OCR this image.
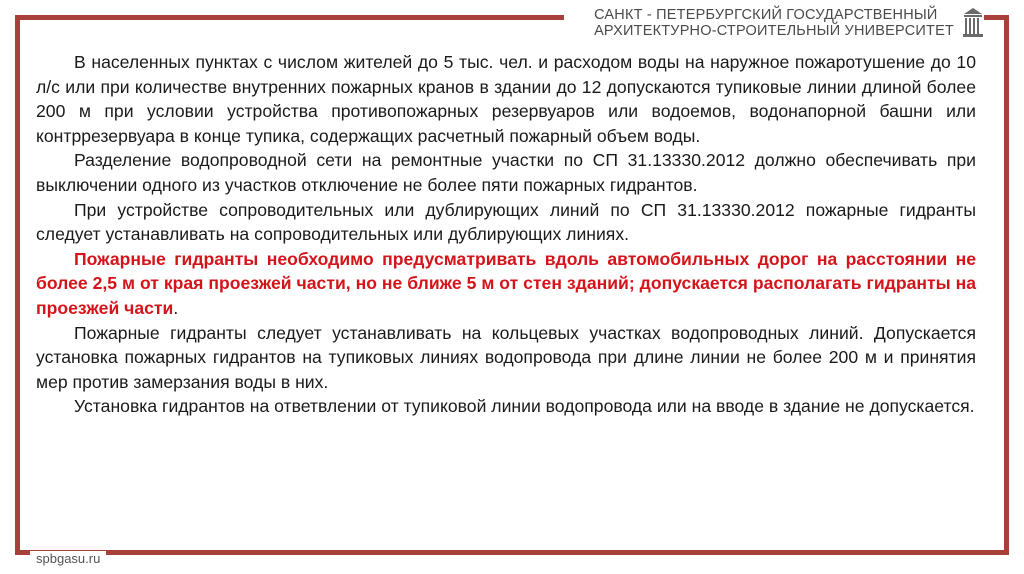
САНКТ - ПЕТЕРБУРГСКИЙ ГОСУДАРСТВЕННЫЙ
АРХИТЕКТУРНО-СТРОИТЕЛЬНЫЙ УНИВЕРСИТЕТ

В населенных пунктах с числом жителей до 5 тыс. чел. и расходом воды на наружное пожаротушение до 10 л/с или при количестве внутренних пожарных кранов в здании до 12 допускаются тупиковые линии длиной более 200 м при условии устройства противопожарных резервуаров или водоемов, водонапорной башни или контррезервуара в конце тупика, содержащих расчетный пожарный объем воды.

Разделение водопроводной сети на ремонтные участки по СП 31.13330.2012 должно обеспечивать при выключении одного из участков отключение не более пяти пожарных гидрантов.

При устройстве сопроводительных или дублирующих линий по СП 31.13330.2012 пожарные гидранты следует устанавливать на сопроводительных или дублирующих линиях.

Пожарные гидранты необходимо предусматривать вдоль автомобильных дорог на расстоянии не более 2,5 м от края проезжей части, но не ближе 5 м от стен зданий; допускается располагать гидранты на проезжей части.

Пожарные гидранты следует устанавливать на кольцевых участках водопроводных линий. Допускается установка пожарных гидрантов на тупиковых линиях водопровода при длине линии не более 200 м и принятия мер против замерзания воды в них.

Установка гидрантов на ответвлении от тупиковой линии водопровода или на вводе в здание не допускается.

spbgasu.ru
